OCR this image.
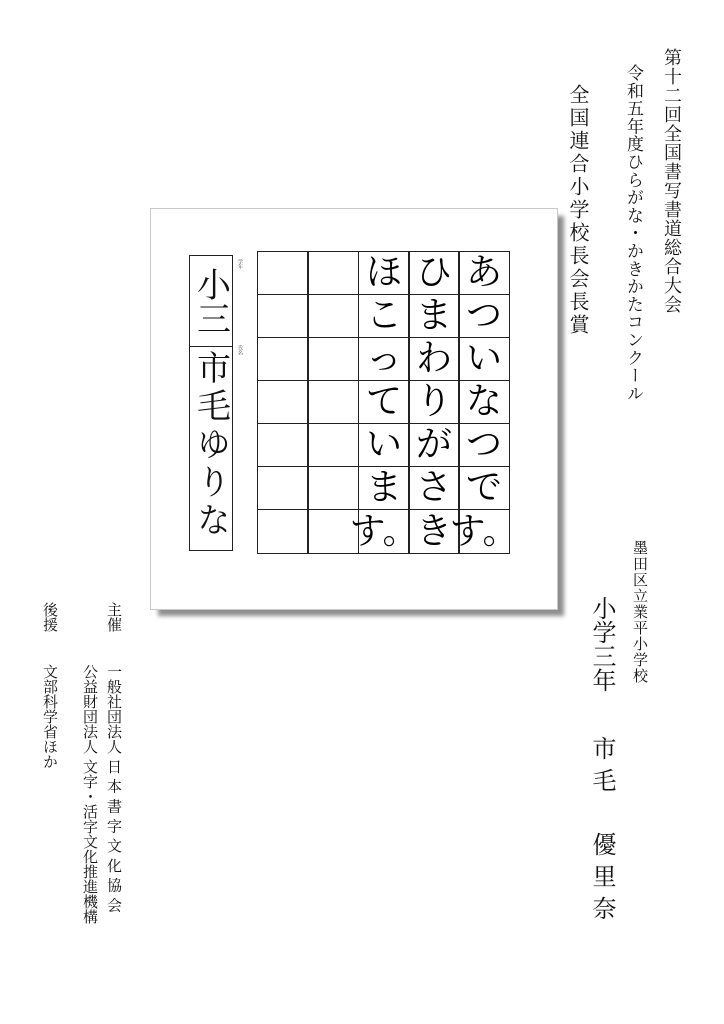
第十二回全国書写書道総合大会
令和五年度ひらがな・かきかたコンクール
全国連合小学校長会長賞
墨田区立業平小学校
小学三年市毛　優里奈
主催
後援
一般社団法人 日 本 書 字 文 化 協 会
公益財団法人 文字・活字文化推進機構
文部科学省ほか
小三
市毛ゆりな
学年
氏名
ほ
こ
っ
て
い
ま
す。
ひ
ま
わ
り
が
さ
き
あ
つ
い
な
つ
で
す。
